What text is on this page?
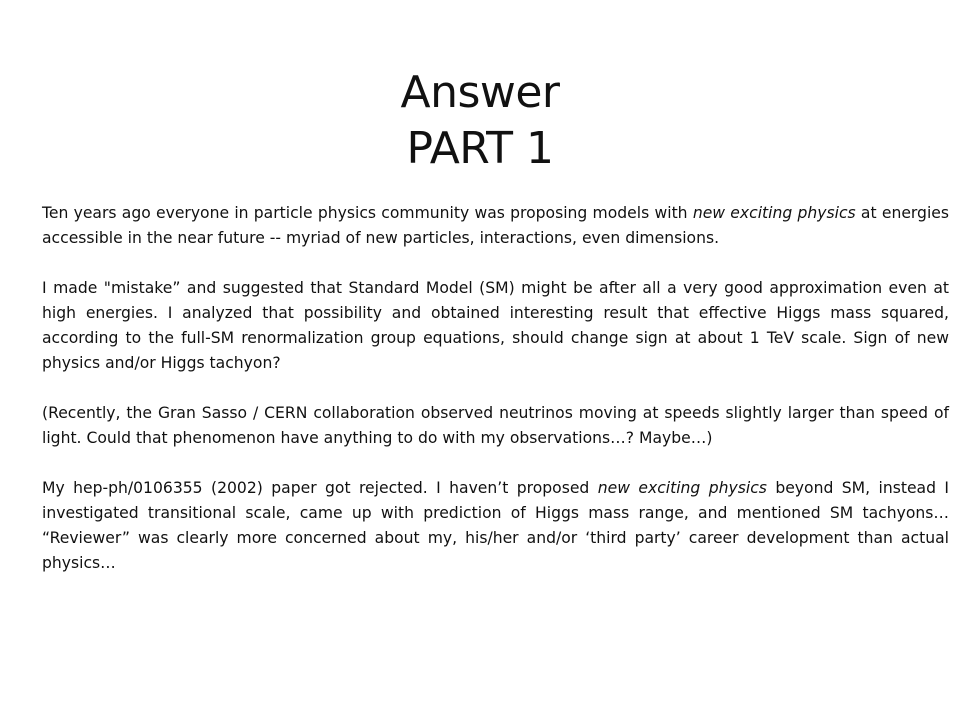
Answer
PART 1

Ten years ago everyone in particle physics community was proposing models with new exciting physics at energies accessible in the near future -- myriad of new particles, interactions, even dimensions.

I made "mistake” and suggested that Standard Model (SM) might be after all a very good approximation even at high energies. I analyzed that possibility and obtained interesting result that effective Higgs mass squared, according to the full-SM renormalization group equations, should change sign at about 1 TeV scale. Sign of new physics and/or Higgs tachyon?

(Recently, the Gran Sasso / CERN collaboration observed neutrinos moving at speeds slightly larger than speed of light. Could that phenomenon have anything to do with my observations…? Maybe…)

My hep-ph/0106355 (2002) paper got rejected. I haven’t proposed new exciting physics beyond SM, instead I investigated transitional scale, came up with prediction of Higgs mass range, and mentioned SM tachyons… “Reviewer” was clearly more concerned about my, his/her and/or ‘third party’ career development than actual physics…
